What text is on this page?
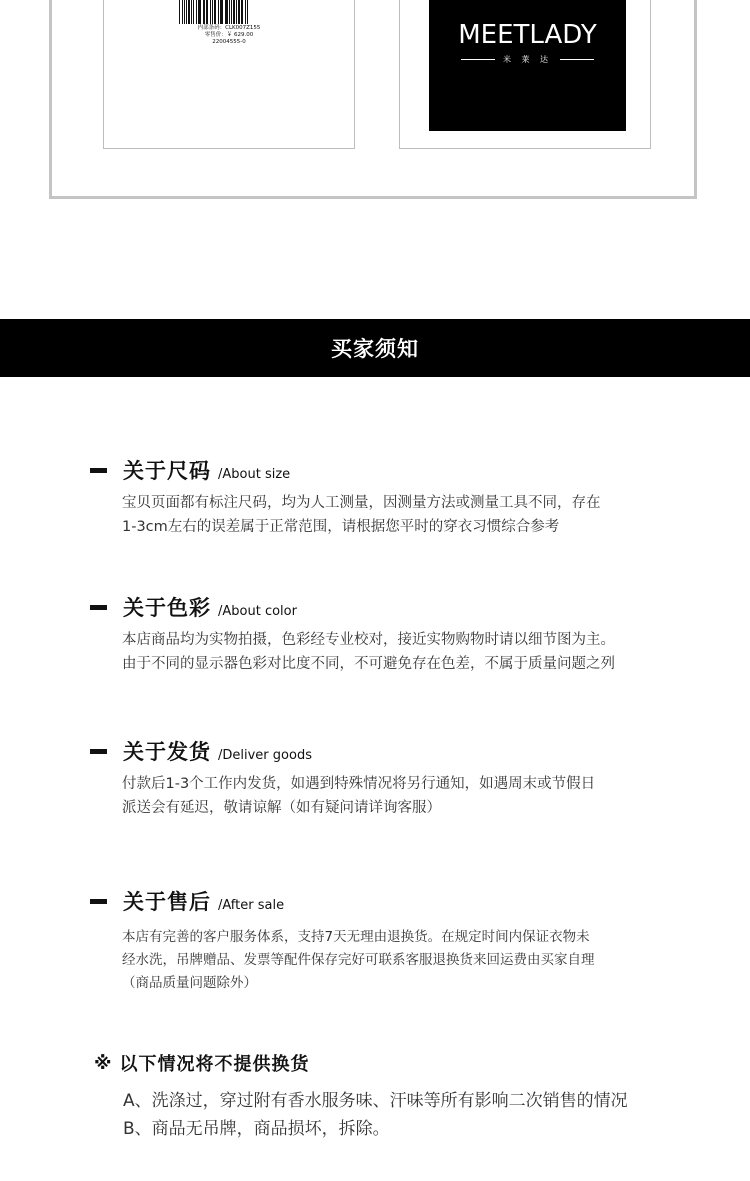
内部条码：CLK007Z155
零售价：￥ 629.00
22004555-0	MEETLADY
米 莱 达
买家须知
关于尺码 /About size
宝贝页面都有标注尺码，均为人工测量，因测量方法或测量工具不同，存在
1-3cm左右的误差属于正常范围，请根据您平时的穿衣习惯综合参考
关于色彩 /About color
本店商品均为实物拍摄，色彩经专业校对，接近实物购物时请以细节图为主。
由于不同的显示器色彩对比度不同，不可避免存在色差，不属于质量问题之列
关于发货 /Deliver goods
付款后1-3个工作内发货，如遇到特殊情况将另行通知，如遇周末或节假日
派送会有延迟，敬请谅解（如有疑问请详询客服）
关于售后 /After sale
本店有完善的客户服务体系，支持7天无理由退换货。在规定时间内保证衣物未
经水洗，吊牌赠品、发票等配件保存完好可联系客服退换货来回运费由买家自理
（商品质量问题除外）
※ 以下情况将不提供换货
A、洗涤过，穿过附有香水服务味、汗味等所有影响二次销售的情况
B、商品无吊牌，商品损坏，拆除。
